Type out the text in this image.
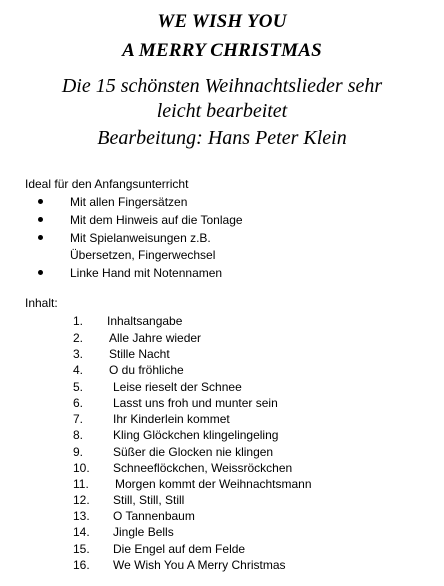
WE WISH YOU
A MERRY CHRISTMAS
Die 15 schönsten Weihnachtslieder sehr
leicht bearbeitet
Bearbeitung: Hans Peter Klein
Ideal für den Anfangsunterricht
Mit allen Fingersätzen
Mit dem Hinweis auf die Tonlage
Mit Spielanweisungen z.B.
Übersetzen, Fingerwechsel
Linke Hand mit Notennamen
Inhalt:
1. Inhaltsangabe
2. Alle Jahre wieder
3. Stille Nacht
4. O du fröhliche
5. Leise rieselt der Schnee
6. Lasst uns froh und munter sein
7. Ihr Kinderlein kommet
8. Kling Glöckchen klingelingeling
9. Süßer die Glocken nie klingen
10. Schneeflöckchen, Weissröckchen
11. Morgen kommt der Weihnachtsmann
12. Still, Still, Still
13. O Tannenbaum
14. Jingle Bells
15. Die Engel auf dem Felde
16. We Wish You A Merry Christmas
